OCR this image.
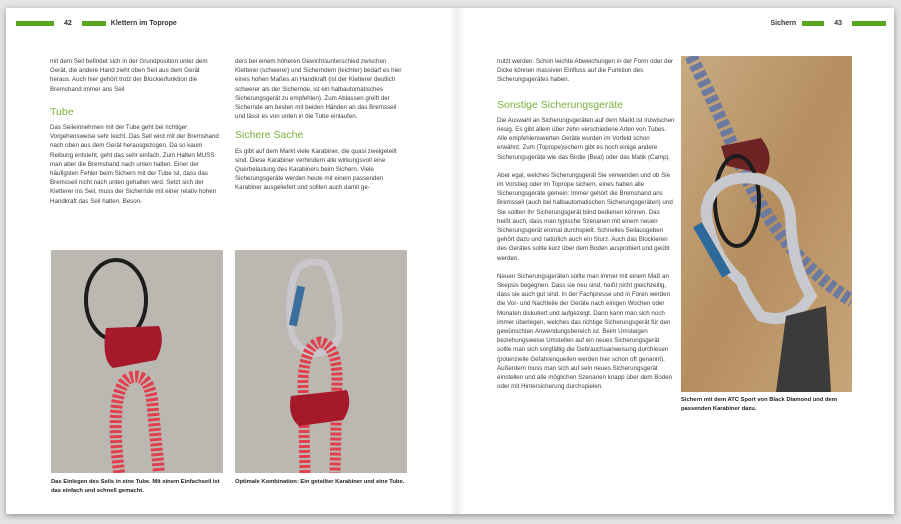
42	Klettern im Toprope	Sichern	43

mit dem Seil befindet sich in der Grundposition unter dem Gerät, die andere Hand zieht oben Seil aus dem Gerät heraus. Auch hier gehört trotz der Blockierfunktion die Bremshand immer ans Seil

Tube

Das Seileinnehmen mit der Tube geht bei richtiger Vorgehensweise sehr leicht. Das Seil wird mit der Bremshand nach oben aus dem Gerät herausgezogen. Da so kaum Reibung entsteht, geht das sehr einfach. Zum Halten MUSS man aber die Bremshand nach unten halten. Einer der häufigsten Fehler beim Sichern mit der Tube ist, dass das Bremsseil nicht nach unten gehalten wird. Setzt sich der Kletterer ins Seil, muss der Sichernde mit einer relativ hohen Handkraft das Seil halten. Beson-

ders bei einem höheren Gewichtsunterschied zwischen Kletterer (schwerer) und Sicherndem (leichter) bedarf es hier eines hohen Maßes an Handkraft (ist der Kletterer deutlich schwerer als der Sichernde, ist ein halbautomatisches Sicherungsgerät zu empfehlen). Zum Ablassen greift der Sichernde am besten mit beiden Händen an das Bremsseil und lässt es von unten in die Tube einlaufen.

Sichere Sache

Es gibt auf dem Markt viele Karabiner, die quasi zweigeteilt sind. Diese Karabiner verhindern alle wirkungsvoll eine Querbelastung des Karabiners beim Sichern. Viele Sicherungsgeräte werden heute mit einem passenden Karabiner ausgeliefert und sollten auch damit ge-

Das Einlegen des Seils in eine Tube. Mit einem Einfachseil ist das einfach und schnell gemacht.
Optimale Kombination: Ein geteilter Karabiner und eine Tube.

nutzt werden. Schon leichte Abweichungen in der Form oder der Dicke können massiven Einfluss auf die Funktion des Sicherungsgerätes haben.

Sonstige Sicherungsgeräte

Die Auswahl an Sicherungsgeräten auf dem Markt ist inzwischen riesig. Es gibt allein über zehn verschiedene Arten von Tubes. Alle empfehlenswerten Geräte wurden im Vorfeld schon erwähnt. Zum (Toprope)sichern gibt es noch einige andere Sicherungsgeräte wie das Birdie (Beal) oder das Matik (Camp).

Aber egal, welches Sicherungsgerät Sie verwenden und ob Sie im Vorstieg oder im Toprope sichern, eines haben alle Sicherungsgeräte gemein: Immer gehört die Bremshand ans Bremsseil (auch bei halbautomatischen Sicherungsgeräten) und Sie sollten Ihr Sicherungsgerät blind bedienen können. Das heißt auch, dass man typische Szenarien mit einem neuen Sicherungsgerät einmal durchspielt. Schnelles Seilausgeben gehört dazu und natürlich auch ein Sturz. Auch das Blockieren des Gerätes sollte kurz über dem Boden ausprobiert und geübt werden.

Neuen Sicherungsgeräten sollte man immer mit einem Maß an Skepsis begegnen. Dass sie neu sind, heißt nicht gleichzeitig, dass sie auch gut sind. In der Fachpresse und in Foren werden die Vor- und Nachteile der Geräte nach einigen Wochen oder Monaten diskutiert und aufgezeigt. Dann kann man sich noch immer überlegen, welches das richtige Sicherungsgerät für den gewünschten Anwendungsbereich ist. Beim Umsteigen beziehungsweise Umstellen auf ein neues Sicherungsgerät sollte man sich sorgfältig die Gebrauchsanweisung durchlesen (potenzielle Gefahrenquellen werden hier schon oft genannt). Außerdem muss man sich auf sein neues Sicherungsgerät einstellen und alle möglichen Szenarien knapp über dem Boden oder mit Hintersicherung durchspielen.

Sichern mit dem ATC Sport von Black Diamond und dem passenden Karabiner dazu.
